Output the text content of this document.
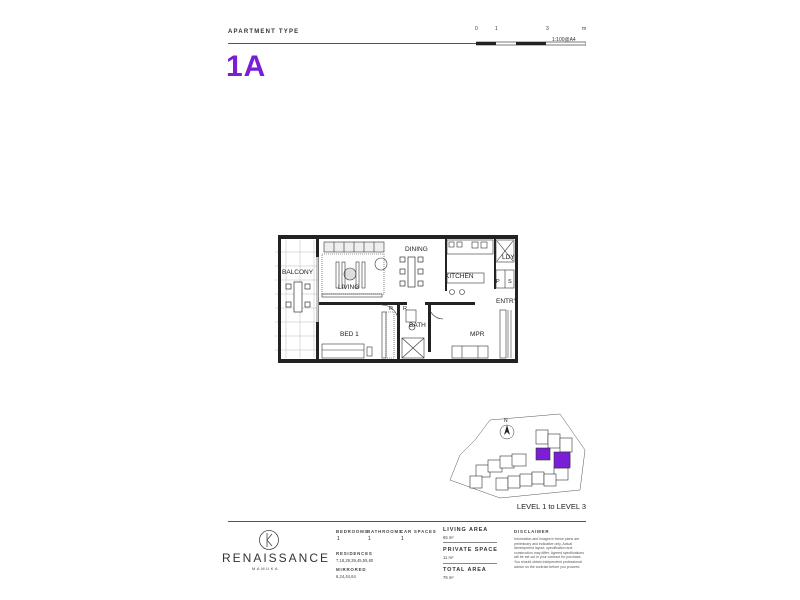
APARTMENT TYPE
1A
0	1	3	m
1:100@A4
BALCONY
DINING
KITCHEN
LDY
LIVING
ENTRY
BED 1
BATH
MPR
P S
R R
N
LEVEL 1 to LEVEL 3
RENAISSANCE
MAMUKA
BEDROOMS
BATHROOMS
CAR SPACES
1	1	1
RESIDENCES
7,18,29,39,45,55,60
MIRRORED
6,24,44,64
LIVING AREA
65 m²
PRIVATE SPACE
11 m²
TOTAL AREA
76 m²
DISCLAIMER
Information and images in these plans are preliminary and indicative only. Actual development layout, specification and construction may differ. Agreed specifications will be set out in your contract for purchase. You should obtain independent professional advice on the contract before you proceed.
